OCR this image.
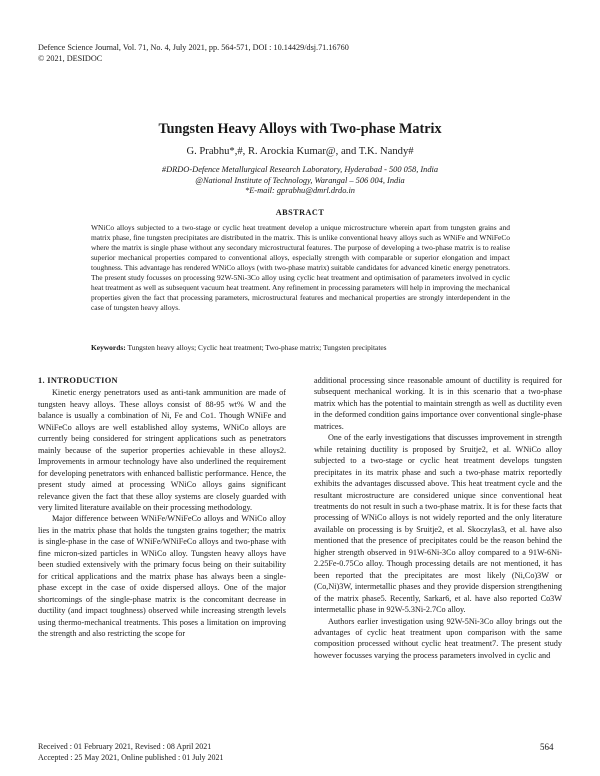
Defence Science Journal, Vol. 71, No. 4, July 2021, pp. 564-571, DOI : 10.14429/dsj.71.16760
© 2021, DESIDOC
Tungsten Heavy Alloys with Two-phase Matrix
G. Prabhu*,#, R. Arockia Kumar@, and T.K. Nandy#
#DRDO-Defence Metallurgical Research Laboratory, Hyderabad - 500 058, India
@National Institute of Technology, Warangal – 506 004, India
*E-mail: gprabhu@dmrl.drdo.in
ABSTRACT
WNiCo alloys subjected to a two-stage or cyclic heat treatment develop a unique microstructure wherein apart from tungsten grains and matrix phase, fine tungsten precipitates are distributed in the matrix. This is unlike conventional heavy alloys such as WNiFe and WNiFeCo where the matrix is single phase without any secondary microstructural features. The purpose of developing a two-phase matrix is to realise superior mechanical properties compared to conventional alloys, especially strength with comparable or superior elongation and impact toughness. This advantage has rendered WNiCo alloys (with two-phase matrix) suitable candidates for advanced kinetic energy penetrators. The present study focusses on processing 92W-5Ni-3Co alloy using cyclic heat treatment and optimisation of parameters involved in cyclic heat treatment as well as subsequent vacuum heat treatment. Any refinement in processing parameters will help in improving the mechanical properties given the fact that processing parameters, microstructural features and mechanical properties are strongly interdependent in the case of tungsten heavy alloys.
Keywords: Tungsten heavy alloys; Cyclic heat treatment; Two-phase matrix; Tungsten precipitates
1. INTRODUCTION

Kinetic energy penetrators used as anti-tank ammunition are made of tungsten heavy alloys. These alloys consist of 88-95 wt% W and the balance is usually a combination of Ni, Fe and Co1. Though WNiFe and WNiFeCo alloys are well established alloy systems, WNiCo alloys are currently being considered for stringent applications such as penetrators mainly because of the superior properties achievable in these alloys2. Improvements in armour technology have also underlined the requirement for developing penetrators with enhanced ballistic performance. Hence, the present study aimed at processing WNiCo alloys gains significant relevance given the fact that these alloy systems are closely guarded with very limited literature available on their processing methodology.

Major difference between WNiFe/WNiFeCo alloys and WNiCo alloy lies in the matrix phase that holds the tungsten grains together; the matrix is single-phase in the case of WNiFe/WNiFeCo alloys and two-phase with fine micron-sized particles in WNiCo alloy. Tungsten heavy alloys have been studied extensively with the primary focus being on their suitability for critical applications and the matrix phase has always been a single-phase except in the case of oxide dispersed alloys. One of the major shortcomings of the single-phase matrix is the concomitant decrease in ductility (and impact toughness) observed while increasing strength levels using thermo-mechanical treatments. This poses a limitation on improving the strength and also restricting the scope for

additional processing since reasonable amount of ductility is required for subsequent mechanical working. It is in this scenario that a two-phase matrix which has the potential to maintain strength as well as ductility even in the deformed condition gains importance over conventional single-phase matrices.

One of the early investigations that discusses improvement in strength while retaining ductility is proposed by Sruitje2, et al. WNiCo alloy subjected to a two-stage or cyclic heat treatment develops tungsten precipitates in its matrix phase and such a two-phase matrix reportedly exhibits the advantages discussed above. This heat treatment cycle and the resultant microstructure are considered unique since conventional heat treatments do not result in such a two-phase matrix. It is for these facts that processing of WNiCo alloys is not widely reported and the only literature available on processing is by Sruitje2, et al. Skoczylas3, et al. have also mentioned that the presence of precipitates could be the reason behind the higher strength observed in 91W-6Ni-3Co alloy compared to a 91W-6Ni-2.25Fe-0.75Co alloy. Though processing details are not mentioned, it has been reported that the precipitates are most likely (Ni,Co)3W or (Co,Ni)3W, intermetallic phases and they provide dispersion strengthening of the matrix phase5. Recently, Sarkar6, et al. have also reported Co3W intermetallic phase in 92W-5.3Ni-2.7Co alloy.

Authors earlier investigation using 92W-5Ni-3Co alloy brings out the advantages of cyclic heat treatment upon comparison with the same composition processed without cyclic heat treatment7. The present study however focusses varying the process parameters involved in cyclic and

Received : 01 February 2021, Revised : 08 April 2021
Accepted : 25 May 2021, Online published : 01 July 2021
564
